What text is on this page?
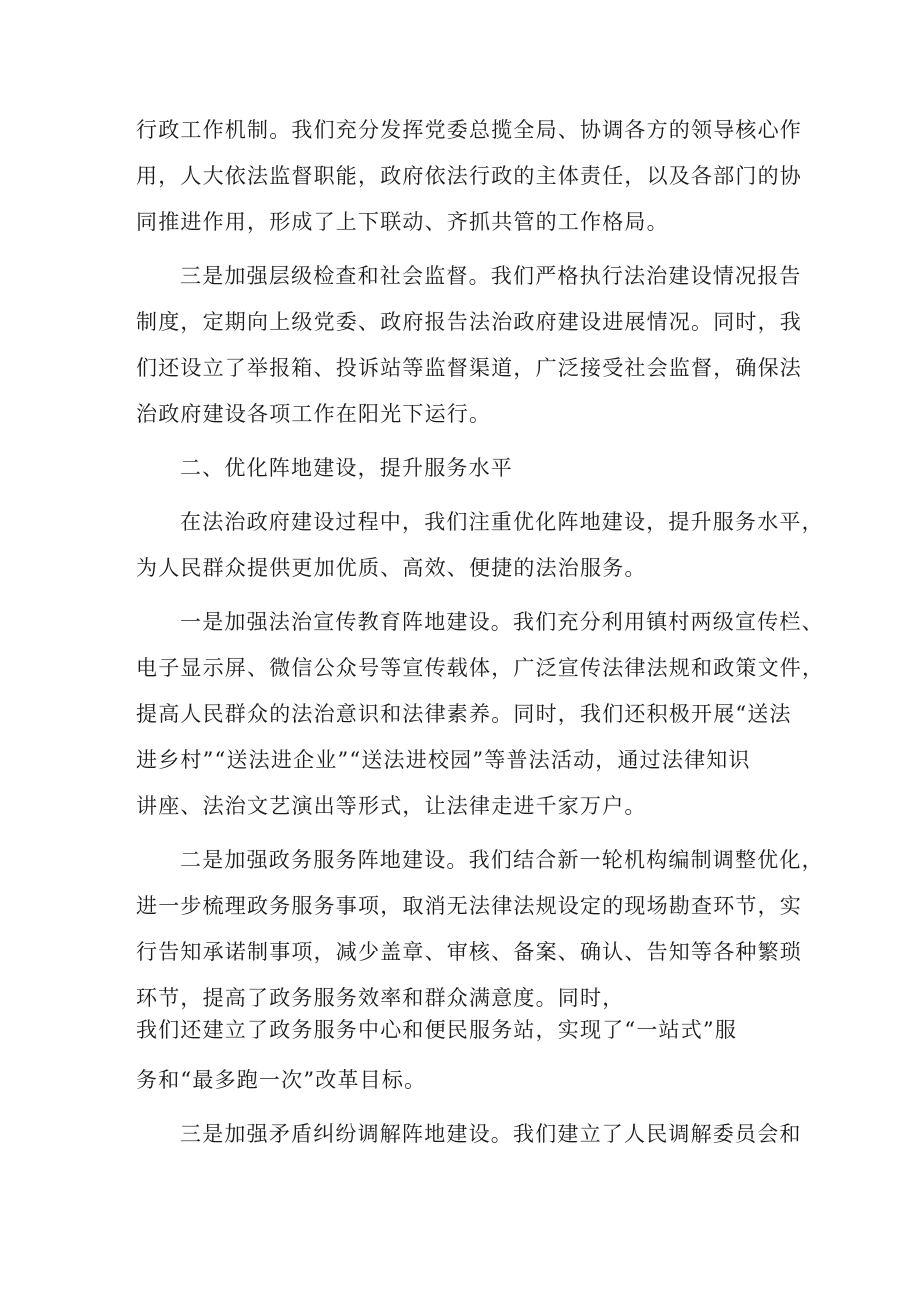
行政工作机制。我们充分发挥党委总揽全局、协调各方的领导核心作

用，人大依法监督职能，政府依法行政的主体责任，以及各部门的协

同推进作用，形成了上下联动、齐抓共管的工作格局。

三是加强层级检查和社会监督。我们严格执行法治建设情况报告

制度，定期向上级党委、政府报告法治政府建设进展情况。同时，我

们还设立了举报箱、投诉站等监督渠道，广泛接受社会监督，确保法

治政府建设各项工作在阳光下运行。

二、优化阵地建设，提升服务水平

在法治政府建设过程中，我们注重优化阵地建设，提升服务水平，

为人民群众提供更加优质、高效、便捷的法治服务。

一是加强法治宣传教育阵地建设。我们充分利用镇村两级宣传栏、

电子显示屏、微信公众号等宣传载体，广泛宣传法律法规和政策文件，

提高人民群众的法治意识和法律素养。同时，我们还积极开展“送法

进乡村”“送法进企业”“送法进校园”等普法活动，通过法律知识

讲座、法治文艺演出等形式，让法律走进千家万户。

二是加强政务服务阵地建设。我们结合新一轮机构编制调整优化，

进一步梳理政务服务事项，取消无法律法规设定的现场勘查环节，实

行告知承诺制事项，减少盖章、审核、备案、确认、告知等各种繁琐

环节，提高了政务服务效率和群众满意度。同时，

我们还建立了政务服务中心和便民服务站，实现了“一站式”服

务和“最多跑一次”改革目标。

三是加强矛盾纠纷调解阵地建设。我们建立了人民调解委员会和
